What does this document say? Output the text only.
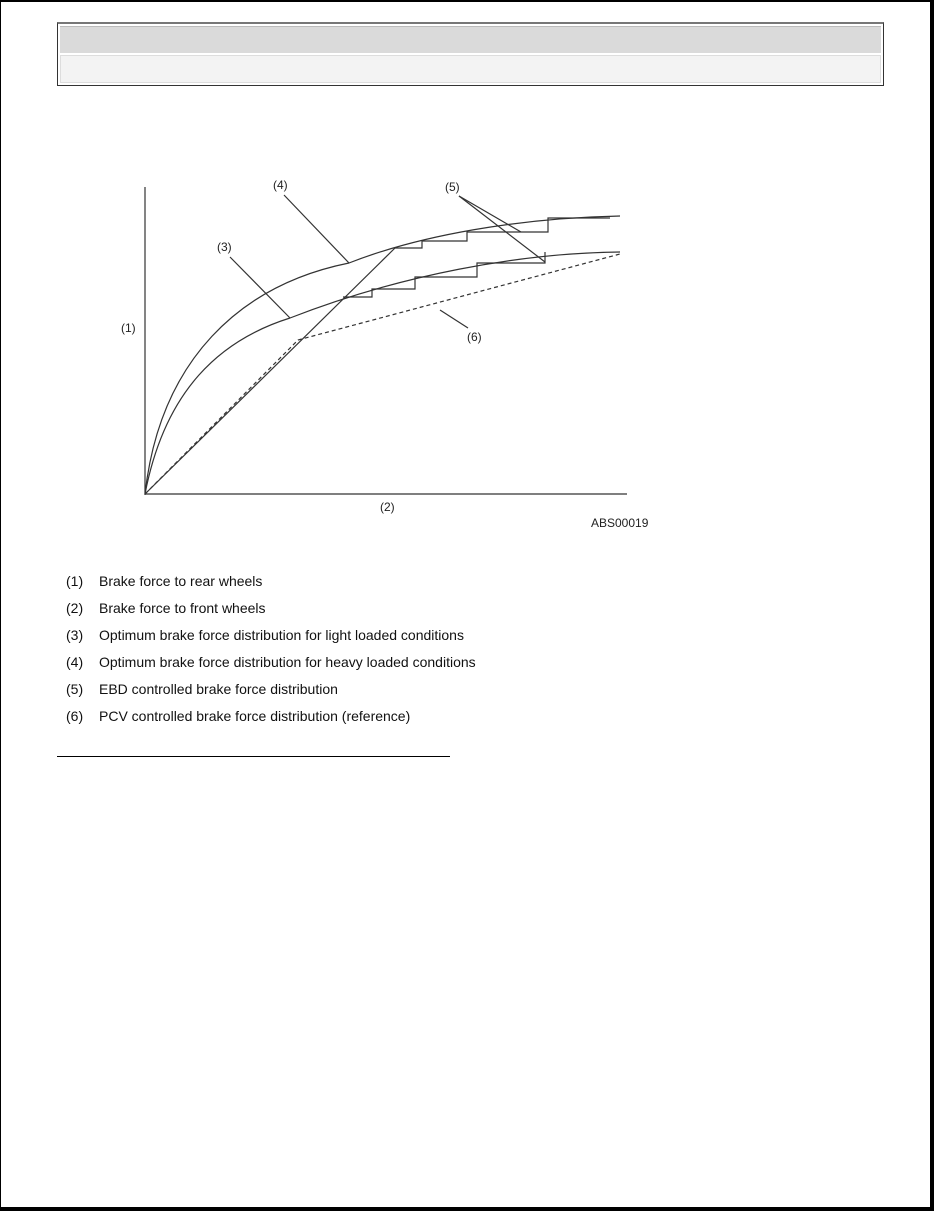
(1)
(2)
(3)
(4)	(5)
(6)
ABS00019
(1)	Brake force to rear wheels
(2)	Brake force to front wheels
(3)	Optimum brake force distribution for light loaded conditions
(4)	Optimum brake force distribution for heavy loaded conditions
(5)	EBD controlled brake force distribution
(6)	PCV controlled brake force distribution (reference)
